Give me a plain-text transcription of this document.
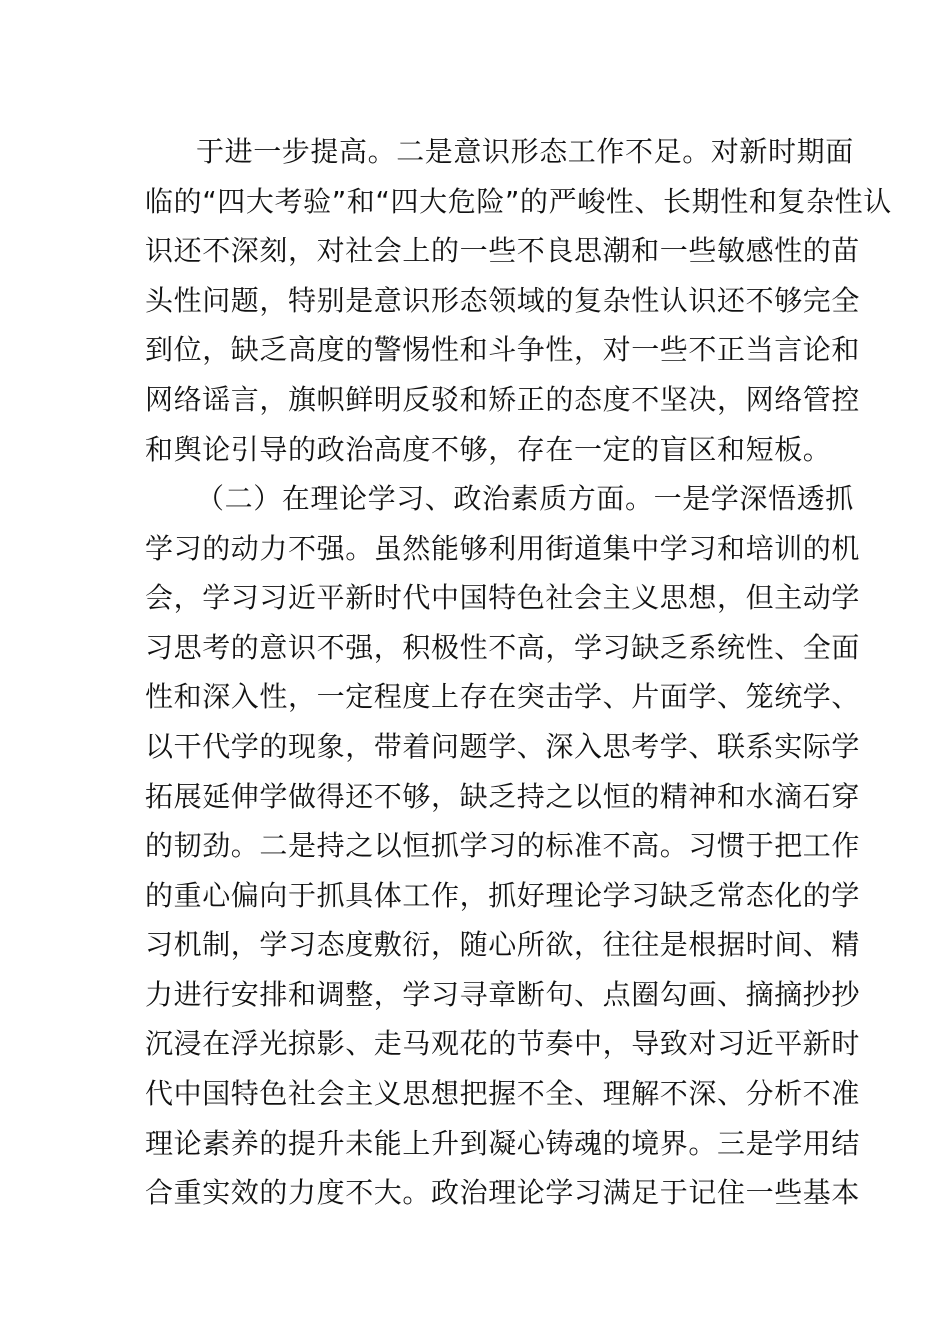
于进一步提高。二是意识形态工作不足。对新时期面
临的“四大考验”和“四大危险”的严峻性、长期性和复杂性认
识还不深刻，对社会上的一些不良思潮和一些敏感性的苗
头性问题，特别是意识形态领域的复杂性认识还不够完全
到位，缺乏高度的警惕性和斗争性，对一些不正当言论和
网络谣言，旗帜鲜明反驳和矫正的态度不坚决，网络管控
和舆论引导的政治高度不够，存在一定的盲区和短板。
（二）在理论学习、政治素质方面。一是学深悟透抓
学习的动力不强。虽然能够利用街道集中学习和培训的机
会，学习习近平新时代中国特色社会主义思想，但主动学
习思考的意识不强，积极性不高，学习缺乏系统性、全面
性和深入性，一定程度上存在突击学、片面学、笼统学、
以干代学的现象，带着问题学、深入思考学、联系实际学
拓展延伸学做得还不够，缺乏持之以恒的精神和水滴石穿
的韧劲。二是持之以恒抓学习的标准不高。习惯于把工作
的重心偏向于抓具体工作，抓好理论学习缺乏常态化的学
习机制，学习态度敷衍，随心所欲，往往是根据时间、精
力进行安排和调整，学习寻章断句、点圈勾画、摘摘抄抄
沉浸在浮光掠影、走马观花的节奏中，导致对习近平新时
代中国特色社会主义思想把握不全、理解不深、分析不准
理论素养的提升未能上升到凝心铸魂的境界。三是学用结
合重实效的力度不大。政治理论学习满足于记住一些基本
